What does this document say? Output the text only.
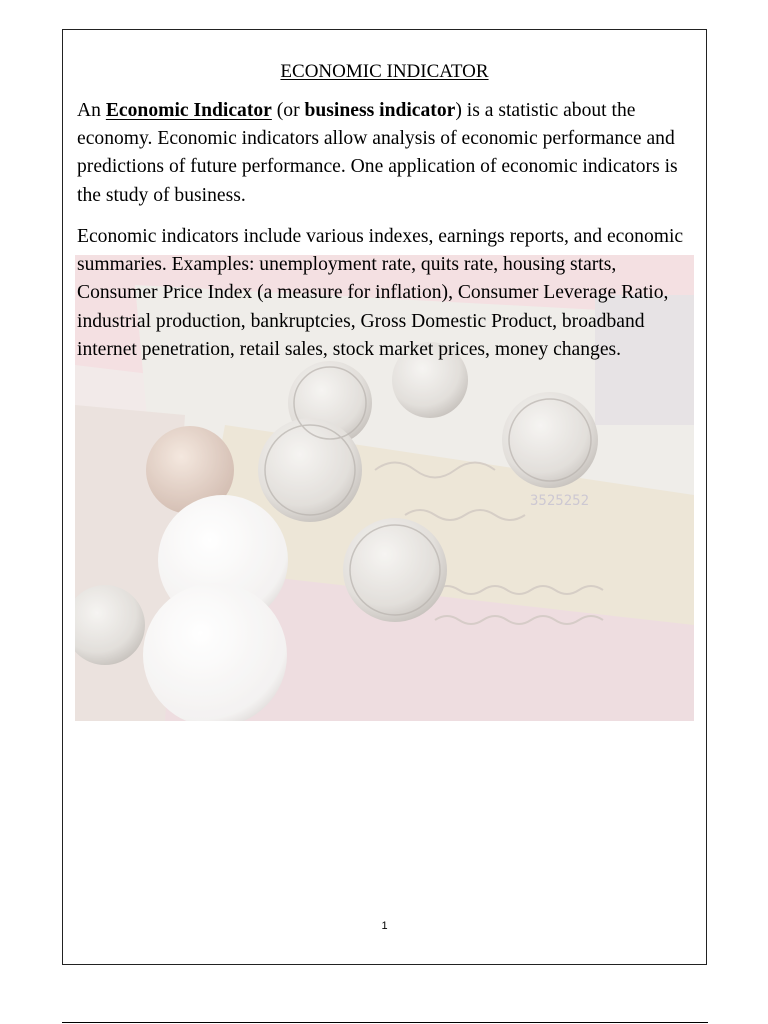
3525252
ECONOMIC INDICATOR

An Economic Indicator (or business indicator) is a statistic about the economy. Economic indicators allow analysis of economic performance and predictions of future performance. One application of economic indicators is the study of business.

Economic indicators include various indexes, earnings reports, and economic summaries. Examples: unemployment rate, quits rate, housing starts, Consumer Price Index (a measure for inflation), Consumer Leverage Ratio, industrial production, bankruptcies, Gross Domestic Product, broadband internet penetration, retail sales, stock market prices, money changes.

1
